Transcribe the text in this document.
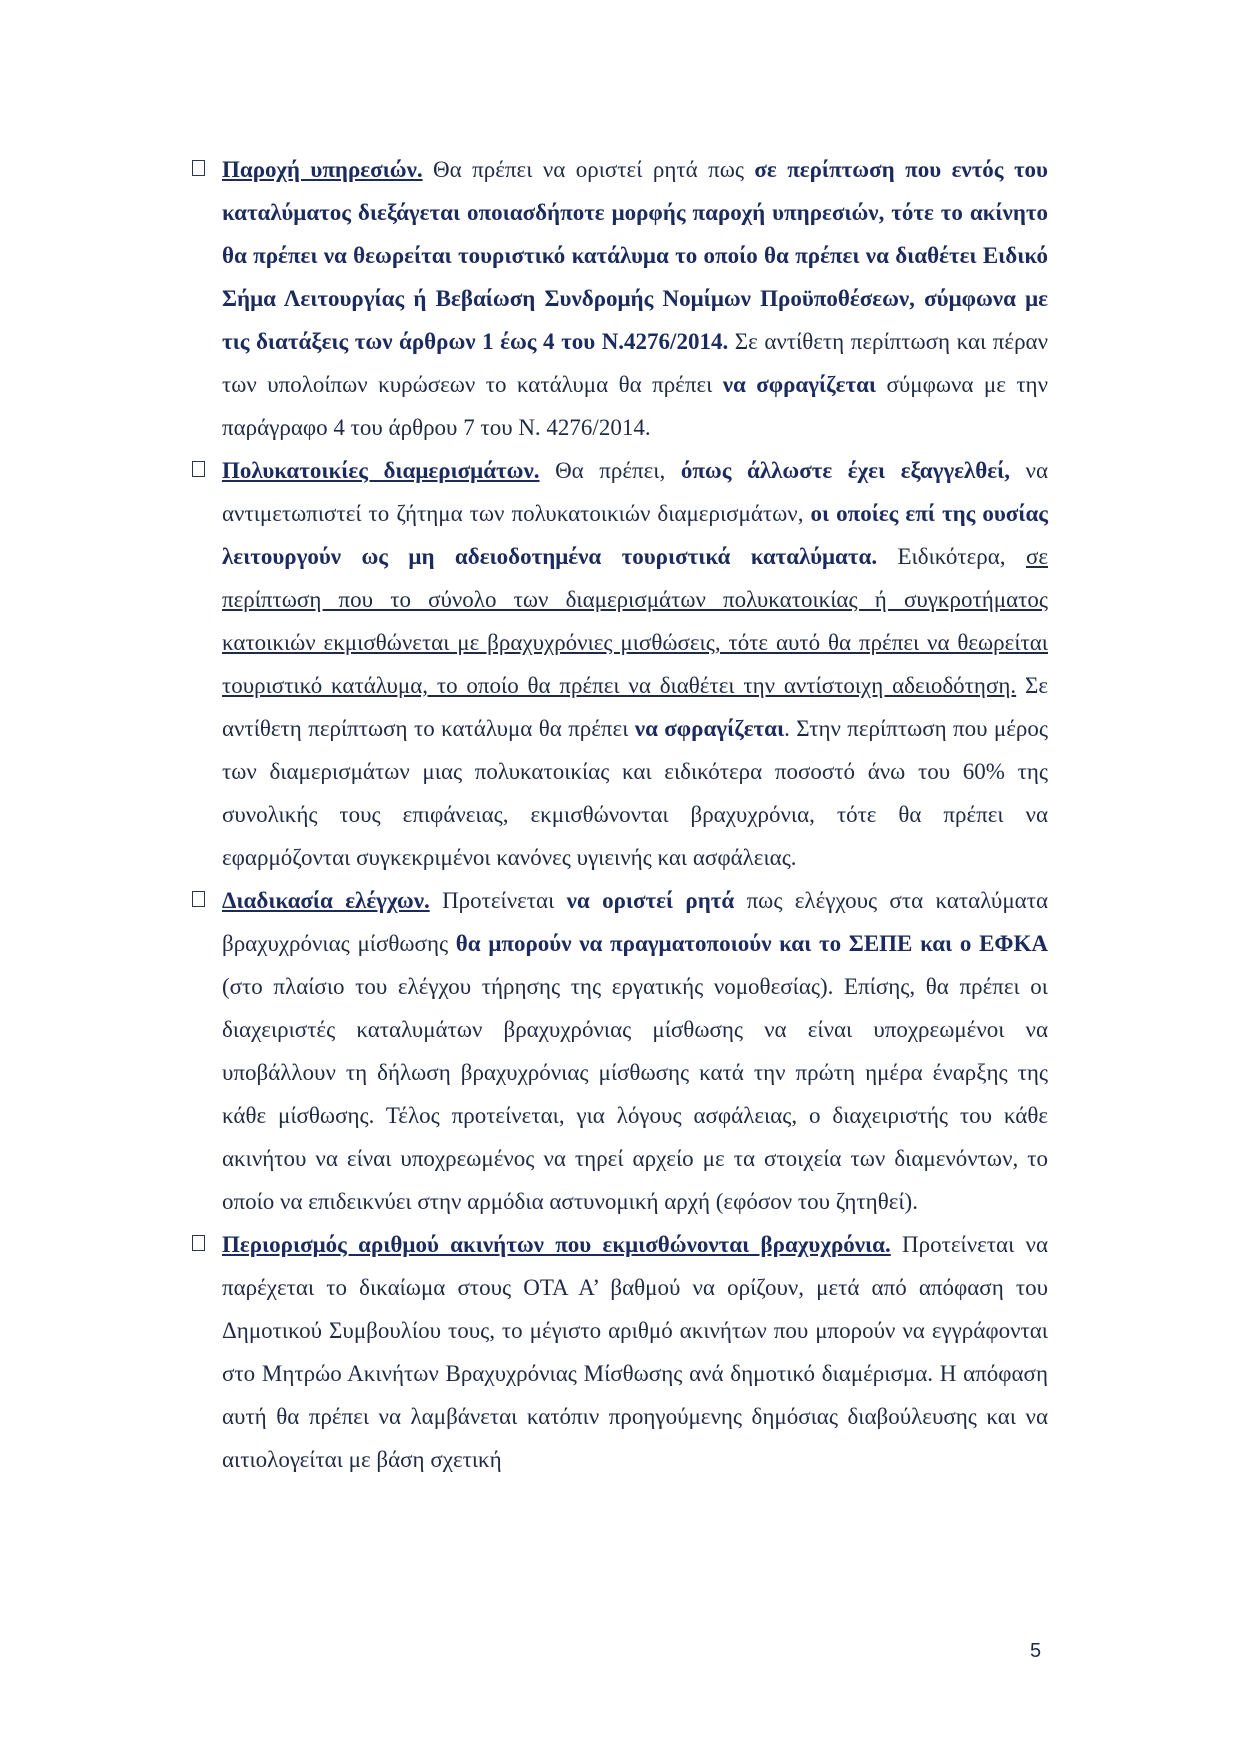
Παροχή υπηρεσιών. Θα πρέπει να οριστεί ρητά πως σε περίπτωση που εντός του καταλύματος διεξάγεται οποιασδήποτε μορφής παροχή υπηρεσιών, τότε το ακίνητο θα πρέπει να θεωρείται τουριστικό κατάλυμα το οποίο θα πρέπει να διαθέτει Ειδικό Σήμα Λειτουργίας ή Βεβαίωση Συνδρομής Νομίμων Προϋποθέσεων, σύμφωνα με τις διατάξεις των άρθρων 1 έως 4 του Ν.4276/2014. Σε αντίθετη περίπτωση και πέραν των υπολοίπων κυρώσεων το κατάλυμα θα πρέπει να σφραγίζεται σύμφωνα με την παράγραφο 4 του άρθρου 7 του Ν. 4276/2014.

Πολυκατοικίες διαμερισμάτων. Θα πρέπει, όπως άλλωστε έχει εξαγγελθεί, να αντιμετωπιστεί το ζήτημα των πολυκατοικιών διαμερισμάτων, οι οποίες επί της ουσίας λειτουργούν ως μη αδειοδοτημένα τουριστικά καταλύματα. Ειδικότερα, σε περίπτωση που το σύνολο των διαμερισμάτων πολυκατοικίας ή συγκροτήματος κατοικιών εκμισθώνεται με βραχυχρόνιες μισθώσεις, τότε αυτό θα πρέπει να θεωρείται τουριστικό κατάλυμα, το οποίο θα πρέπει να διαθέτει την αντίστοιχη αδειοδότηση. Σε αντίθετη περίπτωση το κατάλυμα θα πρέπει να σφραγίζεται. Στην περίπτωση που μέρος των διαμερισμάτων μιας πολυκατοικίας και ειδικότερα ποσοστό άνω του 60% της συνολικής τους επιφάνειας, εκμισθώνονται βραχυχρόνια, τότε θα πρέπει να εφαρμόζονται συγκεκριμένοι κανόνες υγιεινής και ασφάλειας.

Διαδικασία ελέγχων. Προτείνεται να οριστεί ρητά πως ελέγχους στα καταλύματα βραχυχρόνιας μίσθωσης θα μπορούν να πραγματοποιούν και το ΣΕΠΕ και ο ΕΦΚΑ (στο πλαίσιο του ελέγχου τήρησης της εργατικής νομοθεσίας). Επίσης, θα πρέπει οι διαχειριστές καταλυμάτων βραχυχρόνιας μίσθωσης να είναι υποχρεωμένοι να υποβάλλουν τη δήλωση βραχυχρόνιας μίσθωσης κατά την πρώτη ημέρα έναρξης της κάθε μίσθωσης. Τέλος προτείνεται, για λόγους ασφάλειας, ο διαχειριστής του κάθε ακινήτου να είναι υποχρεωμένος να τηρεί αρχείο με τα στοιχεία των διαμενόντων, το οποίο να επιδεικνύει στην αρμόδια αστυνομική αρχή (εφόσον του ζητηθεί).

Περιορισμός αριθμού ακινήτων που εκμισθώνονται βραχυχρόνια. Προτείνεται να παρέχεται το δικαίωμα στους ΟΤΑ Α’ βαθμού να ορίζουν, μετά από απόφαση του Δημοτικού Συμβουλίου τους, το μέγιστο αριθμό ακινήτων που μπορούν να εγγράφονται στο Μητρώο Ακινήτων Βραχυχρόνιας Μίσθωσης ανά δημοτικό διαμέρισμα. Η απόφαση αυτή θα πρέπει να λαμβάνεται κατόπιν προηγούμενης δημόσιας διαβούλευσης και να αιτιολογείται με βάση σχετική

5
